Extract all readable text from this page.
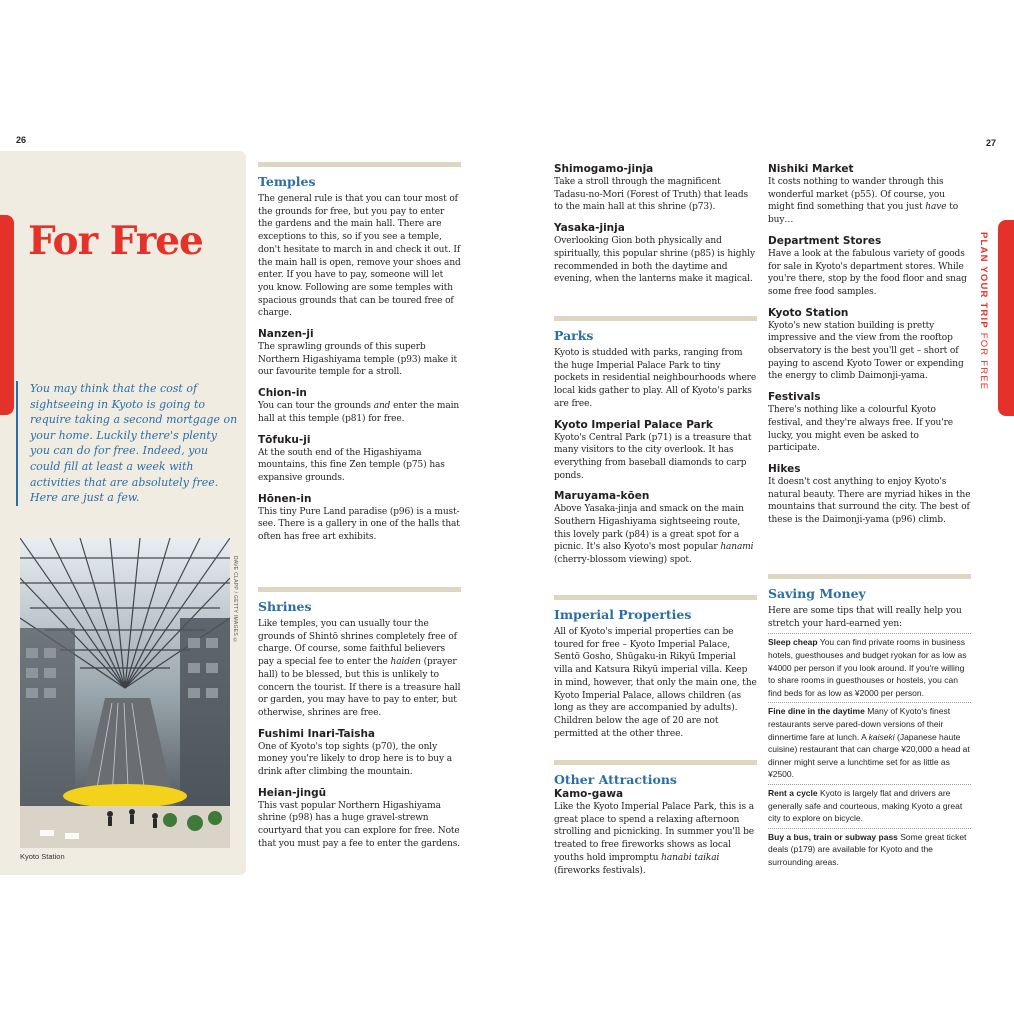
26	27
For Free
You may think that the cost of sightseeing in Kyoto is going to require taking a second mortgage on your home. Luckily there's plenty you can do for free. Indeed, you could fill at least a week with activities that are absolutely free. Here are just a few.
DAVE CLAPP / GETTY IMAGES ©
Kyoto Station
Temples

The general rule is that you can tour most of the grounds for free, but you pay to enter the gardens and the main hall. There are exceptions to this, so if you see a temple, don't hesitate to march in and check it out. If the main hall is open, remove your shoes and enter. If you have to pay, someone will let you know. Following are some temples with spacious grounds that can be toured free of charge.

Nanzen-ji

The sprawling grounds of this superb Northern Higashiyama temple (p93) make it our favourite temple for a stroll.

Chion-in

You can tour the grounds and enter the main hall at this temple (p81) for free.

Tōfuku-ji

At the south end of the Higashiyama mountains, this fine Zen temple (p75) has expansive grounds.

Hōnen-in

This tiny Pure Land paradise (p96) is a must-see. There is a gallery in one of the halls that often has free art exhibits.

Shrines

Like temples, you can usually tour the grounds of Shintō shrines completely free of charge. Of course, some faithful believers pay a special fee to enter the haiden (prayer hall) to be blessed, but this is unlikely to concern the tourist. If there is a treasure hall or garden, you may have to pay to enter, but otherwise, shrines are free.

Fushimi Inari-Taisha

One of Kyoto's top sights (p70), the only money you're likely to drop here is to buy a drink after climbing the mountain.

Heian-jingū

This vast popular Northern Higashiyama shrine (p98) has a huge gravel-strewn courtyard that you can explore for free. Note that you must pay a fee to enter the gardens.

Shimogamo-jinja

Take a stroll through the magnificent Tadasu-no-Mori (Forest of Truth) that leads to the main hall at this shrine (p73).

Yasaka-jinja

Overlooking Gion both physically and spiritually, this popular shrine (p85) is highly recommended in both the daytime and evening, when the lanterns make it magical.

Parks

Kyoto is studded with parks, ranging from the huge Imperial Palace Park to tiny pockets in residential neighbourhoods where local kids gather to play. All of Kyoto's parks are free.

Kyoto Imperial Palace Park

Kyoto's Central Park (p71) is a treasure that many visitors to the city overlook. It has everything from baseball diamonds to carp ponds.

Maruyama-kōen

Above Yasaka-jinja and smack on the main Southern Higashiyama sightseeing route, this lovely park (p84) is a great spot for a picnic. It's also Kyoto's most popular hanami (cherry-blossom viewing) spot.

Imperial Properties

All of Kyoto's imperial properties can be toured for free – Kyoto Imperial Palace, Sentō Gosho, Shūgaku-in Rikyū Imperial villa and Katsura Rikyū imperial villa. Keep in mind, however, that only the main one, the Kyoto Imperial Palace, allows children (as long as they are accompanied by adults). Children below the age of 20 are not permitted at the other three.

Other Attractions
Kamo-gawa

Like the Kyoto Imperial Palace Park, this is a great place to spend a relaxing afternoon strolling and picnicking. In summer you'll be treated to free fireworks shows as local youths hold impromptu hanabi taikai (fireworks festivals).

Nishiki Market

It costs nothing to wander through this wonderful market (p55). Of course, you might find something that you just have to buy…

Department Stores

Have a look at the fabulous variety of goods for sale in Kyoto's department stores. While you're there, stop by the food floor and snag some free food samples.

Kyoto Station

Kyoto's new station building is pretty impressive and the view from the rooftop observatory is the best you'll get – short of paying to ascend Kyoto Tower or expending the energy to climb Daimonji-yama.

Festivals

There's nothing like a colourful Kyoto festival, and they're always free. If you're lucky, you might even be asked to participate.

Hikes

It doesn't cost anything to enjoy Kyoto's natural beauty. There are myriad hikes in the mountains that surround the city. The best of these is the Daimonji-yama (p96) climb.

Saving Money

Here are some tips that will really help you stretch your hard-earned yen:

Sleep cheap You can find private rooms in business hotels, guesthouses and budget ryokan for as low as ¥4000 per person if you look around. If you're willing to share rooms in guesthouses or hostels, you can find beds for as low as ¥2000 per person.

Fine dine in the daytime Many of Kyoto's finest restaurants serve pared-down versions of their dinnertime fare at lunch. A kaiseki (Japanese haute cuisine) restaurant that can charge ¥20,000 a head at dinner might serve a lunchtime set for as little as ¥2500.

Rent a cycle Kyoto is largely flat and drivers are generally safe and courteous, making Kyoto a great city to explore on bicycle.

Buy a bus, train or subway pass Some great ticket deals (p179) are available for Kyoto and the surrounding areas.

PLAN YOUR TRIP FOR FREE
